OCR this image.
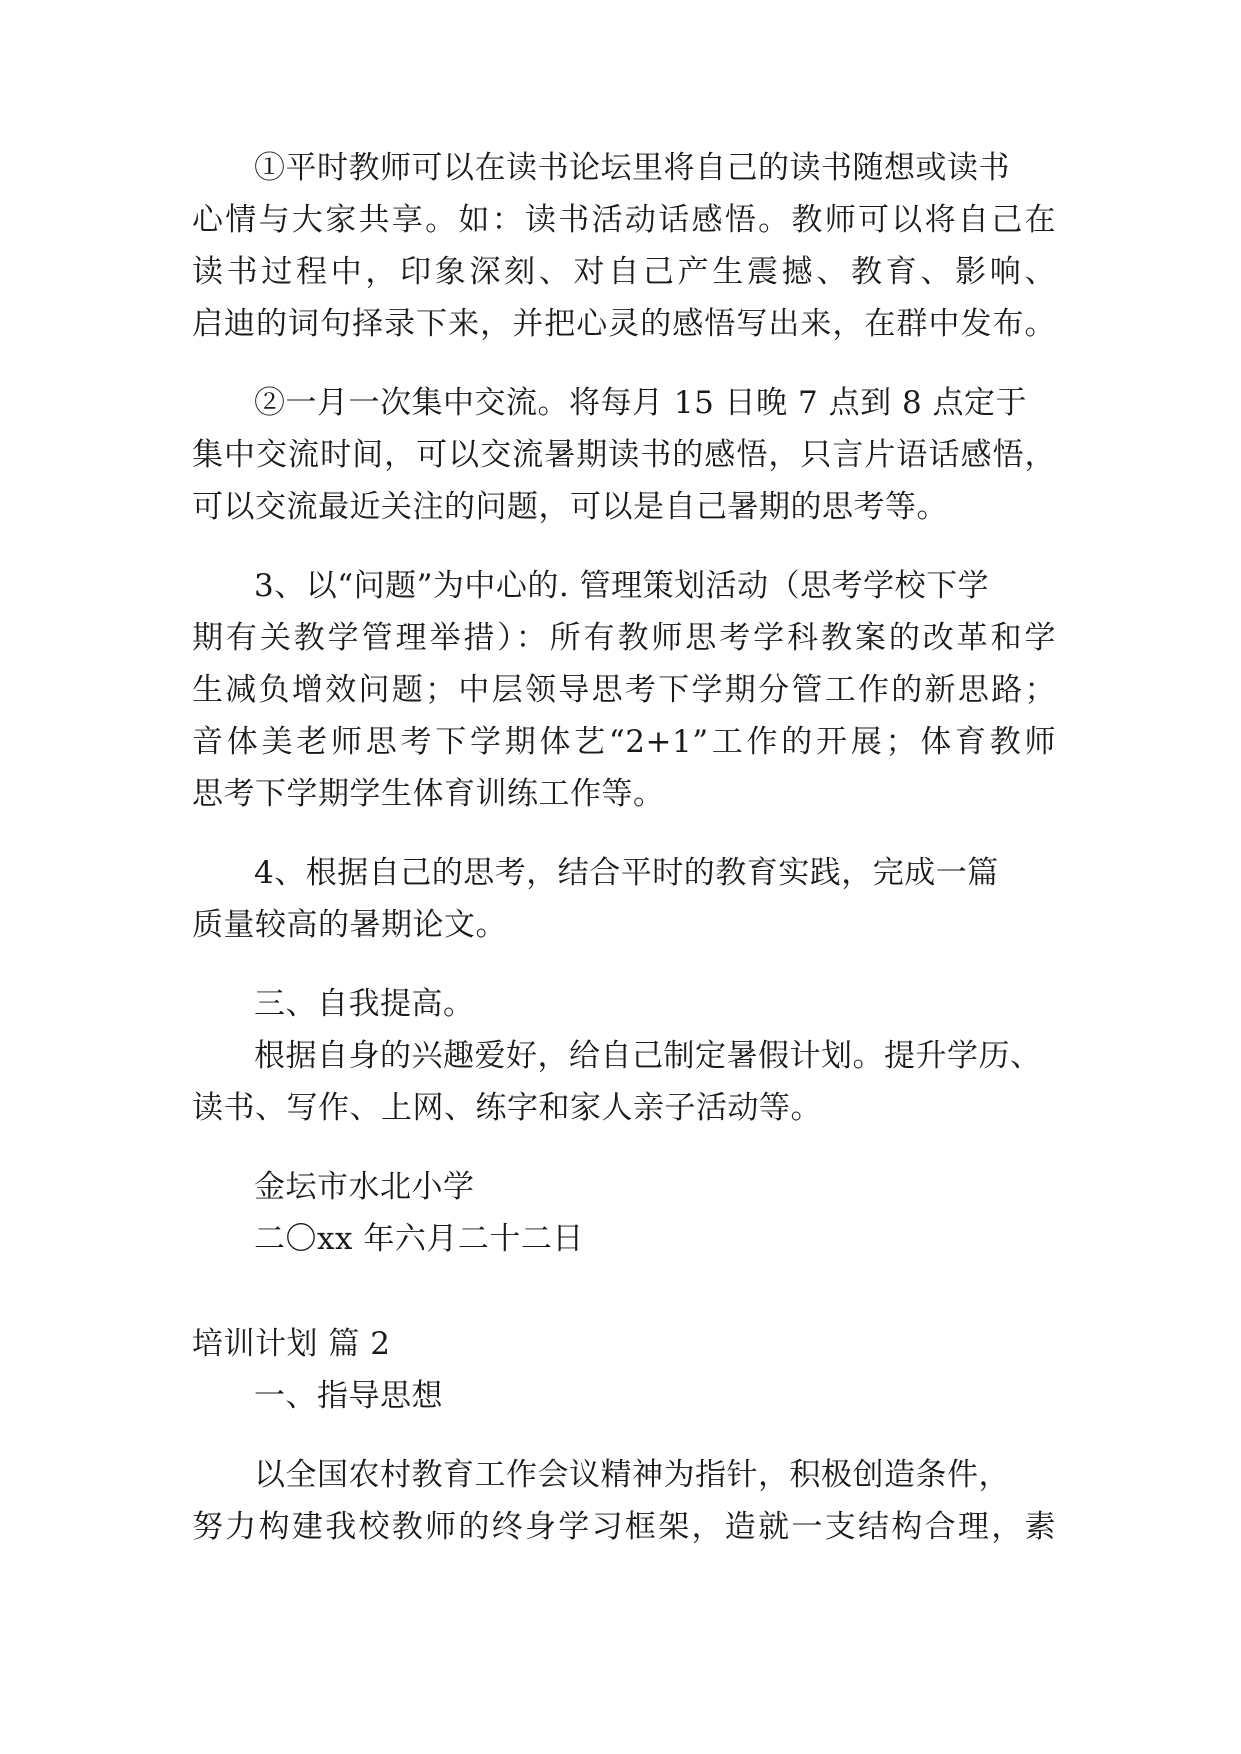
①平时教师可以在读书论坛里将自己的读书随想或读书
心情与大家共享。如：读书活动话感悟。教师可以将自己在
读书过程中，印象深刻、对自己产生震撼、教育、影响、
启迪的词句择录下来，并把心灵的感悟写出来，在群中发布。
②一月一次集中交流。将每月 15 日晚 7 点到 8 点定于
集中交流时间，可以交流暑期读书的感悟，只言片语话感悟，
可以交流最近关注的问题，可以是自己暑期的思考等。
3、以“问题”为中心的. 管理策划活动（思考学校下学
期有关教学管理举措）：所有教师思考学科教案的改革和学
生减负增效问题；中层领导思考下学期分管工作的新思路；
音体美老师思考下学期体艺“2+1”工作的开展；体育教师
思考下学期学生体育训练工作等。
4、根据自己的思考，结合平时的教育实践，完成一篇
质量较高的暑期论文。
三、自我提高。
根据自身的兴趣爱好，给自己制定暑假计划。提升学历、
读书、写作、上网、练字和家人亲子活动等。
金坛市水北小学
二〇xx 年六月二十二日
培训计划 篇 2
一、指导思想
以全国农村教育工作会议精神为指针，积极创造条件，
努力构建我校教师的终身学习框架，造就一支结构合理，素
